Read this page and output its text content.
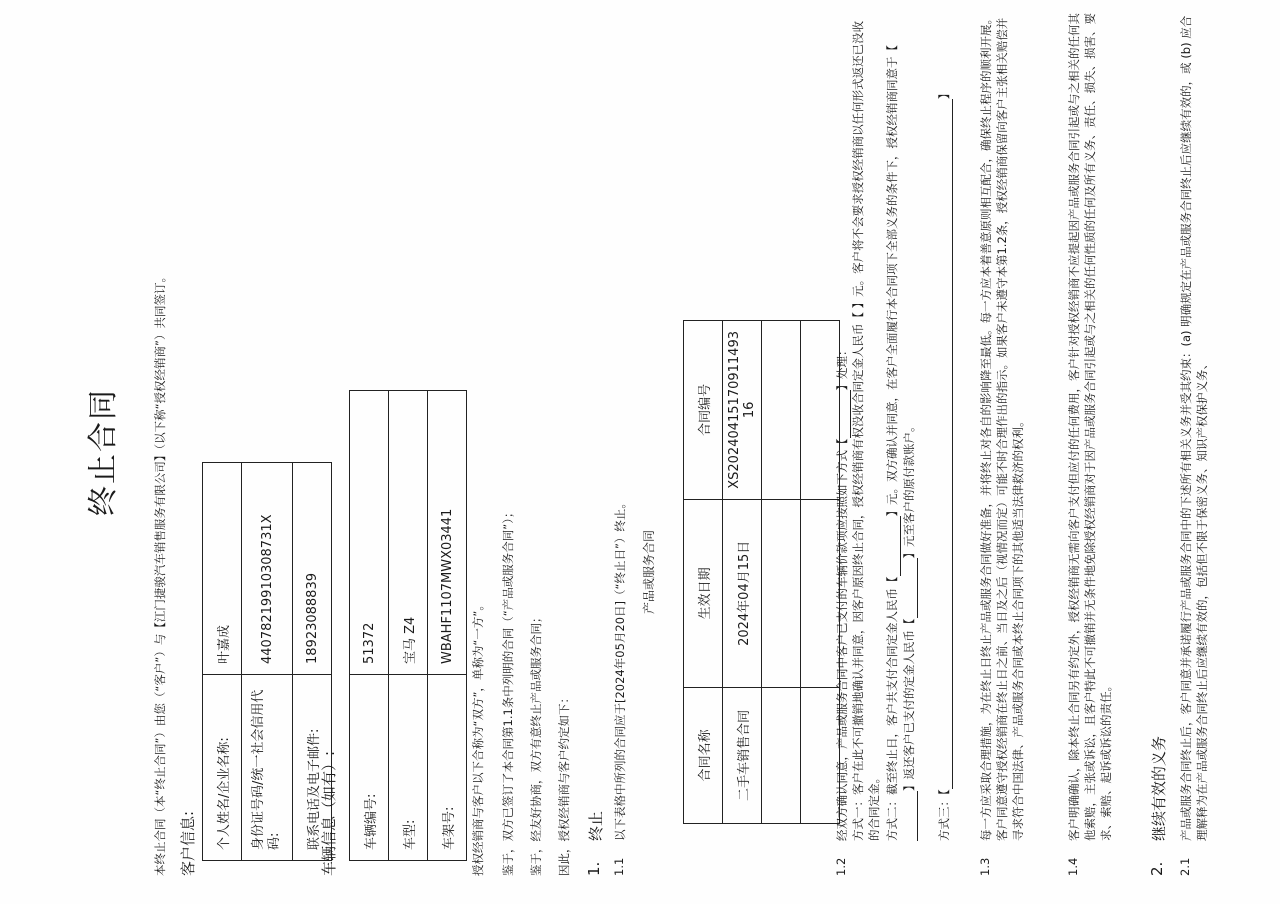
终止合同	本终止合同（本“终止合同”）由您（“客户”）与【江门捷骏汽车销售服务有限公司】（以下称“授权经销商”）共同签订。 客户信息: 个人姓名/企业名称:	叶嘉成
身份证号码/统一社会信用代码:	440782199103087​31X
联系电话及电子邮件:	18923088839
车辆信息（如有）: 车辆编号:	51372
车型:	宝马 Z4
车架号:	WBAHF1107MWX03441
授权经销商与客户以下合称为“双方”，单称为“一方”。 鉴于，双方已签订了本合同第1.1条中列明的合同（“产品或服务合同”）； 鉴于，经友好协商，双方有意终止产品或服务合同； 因此，授权经销商与客户约定如下： 1.
终止
1.1
以下表格中所列的合同应于[2024年05月20日]（“终止日”）终止。 产品或服务合同

合同名称	生效日期	合同编号
二手车销售合同	2024年04月15日	XS20240415170911493​16

1.2
经双方确认同意，产品或服务合同中客户已支付的车辆价款项应按照如下方式【 】处理： 方式一：客户在此不可撤销地确认并同意，因客户原因终止合同，授权经销商有权没收合同定金人民币【 】元。客户将不会要求授权经销商以任何形式返还已没收的合同定金。 方式二：截至终止日，客户共支付合同定金人民币【 】元。双方确认并同意，在客户全面履行本合同项下全部义务的条件下，授权经销商同意于【 】返还客户已支付的定金人民币【 】元至客户的原付款账户。
方式三：【 】
1.3
每一方应采取合理措施，为在终止日终止产品或服务合同做好准备，并将终止对各自的影响降至最低。每一方应本着善意原则相互配合，确保终止程序的顺利开展。客户同意遵守授权经销商在终止日之前、当日及之后（视情况而定）可能不时合理作出的指示。如果客户未遵守本第1.2条，授权经销商保留向客户主张相关赔偿并寻求符合中国法律、产品或服务合同或本终止合同项下的其他适当法律救济的权利。
1.4
客户明确确认，除本终止合同另有约定外，授权经销商无需向客户支付但应付的任何费用，客户针对授权经销商不应提起因产品或服务合同引起或与之相关的任何其他索赔，主张或诉讼，且客户特此不可撤销并无条件地免除授权经销商对于因产品或服务合同引起或与之相关的任何性质的任何及所有义务、责任、损失、损害、要求、索赔、起诉或诉讼的责任。
2.
继续有效的义务
2.1
产品或服务合同终止后，客户同意并承诺履行产品或服务合同中的下述所有相关义务并受其约束：(a) 明确规定在产品或服务合同终止后应继续有效的，或 (b) 应合理解释为在产品或服务合同终止后应继续有效的，包括但不限于保密义务、知识产权保护义务、
